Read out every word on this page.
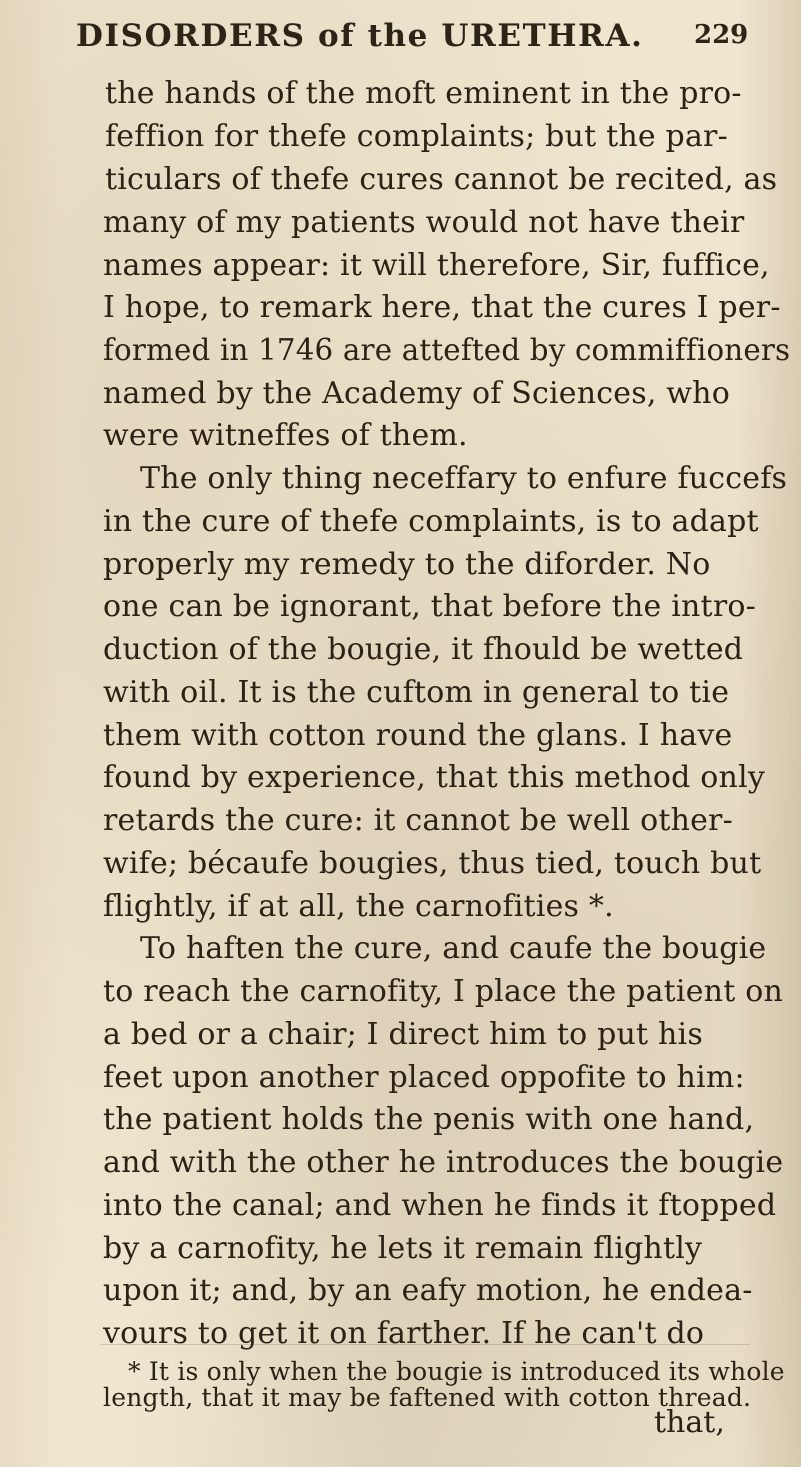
DISORDERS of the URETHRA. 229
the hands of the moft eminent in the pro-
feffion for thefe complaints; but the par-
ticulars of thefe cures cannot be recited, as
many of my patients would not have their
names appear: it will therefore, Sir, fuffice,
I hope, to remark here, that the cures I per-
formed in 1746 are attefted by commiffioners
named by the Academy of Sciences, who
were witneffes of them.
The only thing neceffary to enfure fuccefs
in the cure of thefe complaints, is to adapt
properly my remedy to the diforder. No
one can be ignorant, that before the intro-
duction of the bougie, it fhould be wetted
with oil. It is the cuftom in general to tie
them with cotton round the glans. I have
found by experience, that this method only
retards the cure: it cannot be well other-
wife; bécaufe bougies, thus tied, touch but
flightly, if at all, the carnofities *.
To haften the cure, and caufe the bougie
to reach the carnofity, I place the patient on
a bed or a chair; I direct him to put his
feet upon another placed oppofite to him:
the patient holds the penis with one hand,
and with the other he introduces the bougie
into the canal; and when he finds it ftopped
by a carnofity, he lets it remain flightly
upon it; and, by an eafy motion, he endea-
vours to get it on farther. If he can't do
* It is only when the bougie is introduced its whole
length, that it may be faftened with cotton thread.
that,
